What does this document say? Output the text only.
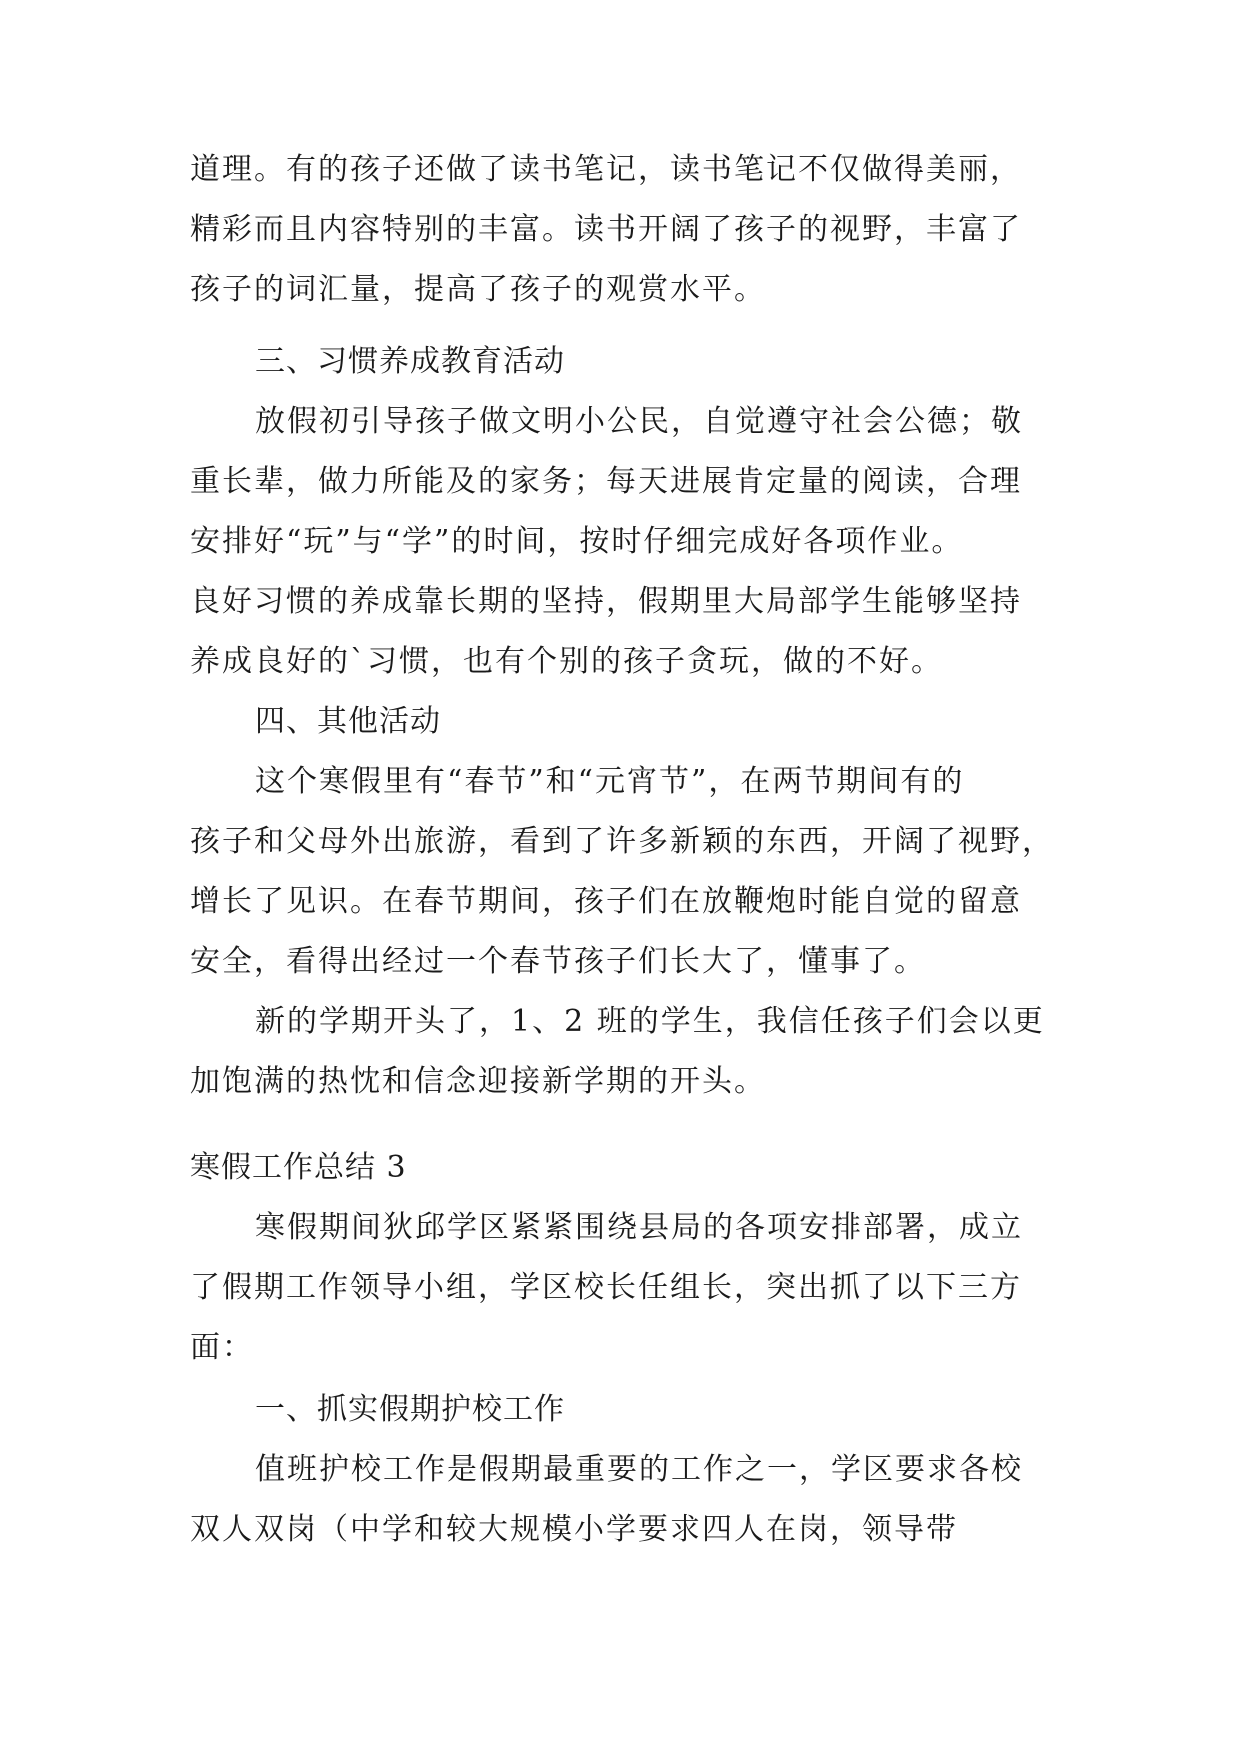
道理。有的孩子还做了读书笔记，读书笔记不仅做得美丽，
精彩而且内容特别的丰富。读书开阔了孩子的视野，丰富了
孩子的词汇量，提高了孩子的观赏水平。
三、习惯养成教育活动
放假初引导孩子做文明小公民，自觉遵守社会公德；敬
重长辈，做力所能及的家务；每天进展肯定量的阅读，合理
安排好“玩”与“学”的时间，按时仔细完成好各项作业。
良好习惯的养成靠长期的坚持，假期里大局部学生能够坚持
养成良好的`习惯，也有个别的孩子贪玩，做的不好。
四、其他活动
这个寒假里有“春节”和“元宵节”，在两节期间有的
孩子和父母外出旅游，看到了许多新颖的东西，开阔了视野，
增长了见识。在春节期间，孩子们在放鞭炮时能自觉的留意
安全，看得出经过一个春节孩子们长大了，懂事了。
新的学期开头了，1、2 班的学生，我信任孩子们会以更
加饱满的热忱和信念迎接新学期的开头。
寒假工作总结 3
寒假期间狄邱学区紧紧围绕县局的各项安排部署，成立
了假期工作领导小组，学区校长任组长，突出抓了以下三方
面：
一、抓实假期护校工作
值班护校工作是假期最重要的工作之一，学区要求各校
双人双岗（中学和较大规模小学要求四人在岗，领导带
